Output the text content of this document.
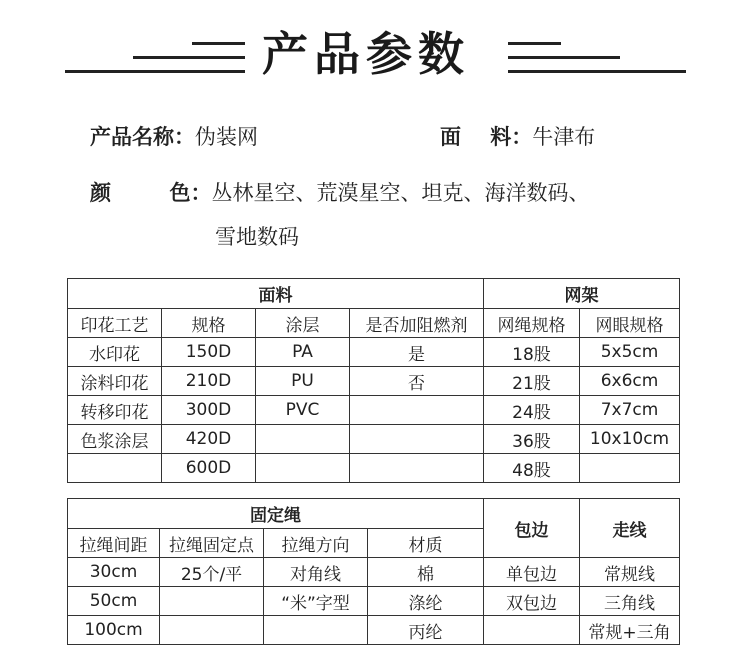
产品参数
产品名称：伪装网	面    料：牛津布
颜        色：丛林星空、荒漠星空、坦克、海洋数码、
雪地数码
面料				网架	
印花工艺	规格	涂层	是否加阻燃剂	网绳规格	网眼规格
水印花	150D	PA	是	18股	5x5cm
涂料印花	210D	PU	否	21股	6x6cm
转移印花	300D	PVC		24股	7x7cm
色浆涂层	420D			36股	10x10cm
	600D			48股	
固定绳				包边	走线
拉绳间距	拉绳固定点	拉绳方向	材质		
30cm	25个/平	对角线	棉	单包边	常规线
50cm		“米”字型	涤纶	双包边	三角线
100cm			丙纶		常规+三角
